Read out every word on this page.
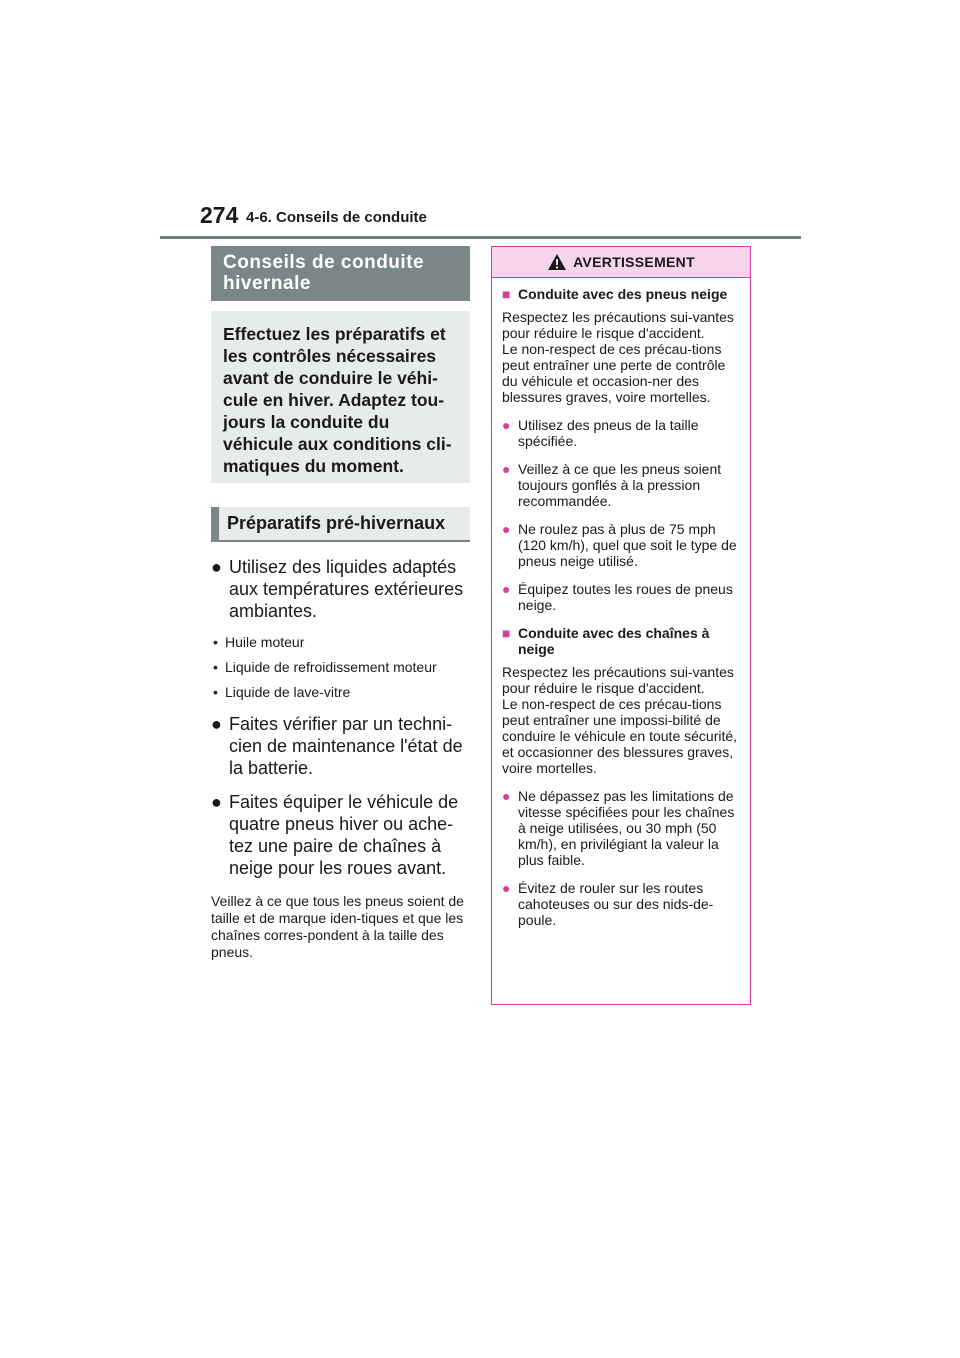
274 4-6. Conseils de conduite
Conseils de conduite hivernale
Effectuez les préparatifs et les contrôles nécessaires avant de conduire le véhi-cule en hiver. Adaptez tou-jours la conduite du véhicule aux conditions cli-matiques du moment.
Préparatifs pré-hivernaux
● Utilisez des liquides adaptés aux températures extérieures ambiantes.
• Huile moteur
• Liquide de refroidissement moteur
• Liquide de lave-vitre
● Faites vérifier par un techni-cien de maintenance l'état de la batterie.
● Faites équiper le véhicule de quatre pneus hiver ou ache-tez une paire de chaînes à neige pour les roues avant.
Veillez à ce que tous les pneus soient de taille et de marque iden-tiques et que les chaînes corres-pondent à la taille des pneus.
AVERTISSEMENT
■ Conduite avec des pneus neige
Respectez les précautions sui-vantes pour réduire le risque d'accident.
Le non-respect de ces précau-tions peut entraîner une perte de contrôle du véhicule et occasion-ner des blessures graves, voire mortelles.
● Utilisez des pneus de la taille spécifiée.
● Veillez à ce que les pneus soient toujours gonflés à la pression recommandée.
● Ne roulez pas à plus de 75 mph (120 km/h), quel que soit le type de pneus neige utilisé.
● Équipez toutes les roues de pneus neige.
■ Conduite avec des chaînes à neige
Respectez les précautions sui-vantes pour réduire le risque d'accident.
Le non-respect de ces précau-tions peut entraîner une impossi-bilité de conduire le véhicule en toute sécurité, et occasionner des blessures graves, voire mortelles.
● Ne dépassez pas les limitations de vitesse spécifiées pour les chaînes à neige utilisées, ou 30 mph (50 km/h), en privilégiant la valeur la plus faible.
● Évitez de rouler sur les routes cahoteuses ou sur des nids-de-poule.
